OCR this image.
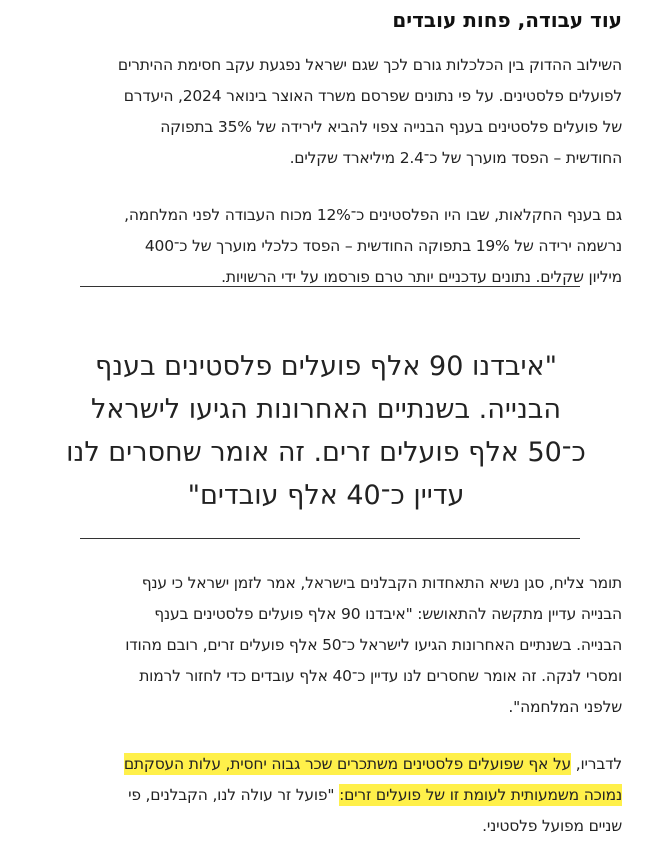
עוד עבודה, פחות עובדים

השילוב ההדוק בין הכלכלות גורם לכך שגם ישראל נפגעת עקב חסימת ההיתרים
לפועלים פלסטינים. על פי נתונים שפרסם משרד האוצר בינואר 2024, היעדרם
של פועלים פלסטינים בענף הבנייה צפוי להביא לירידה של 35% בתפוקה
החודשית – הפסד מוערך של כ־2.4 מיליארד שקלים.

גם בענף החקלאות, שבו היו הפלסטינים כ־12% מכוח העבודה לפני המלחמה,
נרשמה ירידה של 19% בתפוקה החודשית – הפסד כלכלי מוערך של כ־400
מיליון שקלים. נתונים עדכניים יותר טרם פורסמו על ידי הרשויות.

"איבדנו 90 אלף פועלים פלסטינים בענף
הבנייה. בשנתיים האחרונות הגיעו לישראל
כ־50 אלף פועלים זרים. זה אומר שחסרים לנו
עדיין כ־40 אלף עובדים"

תומר צליח, סגן נשיא התאחדות הקבלנים בישראל, אמר לזמן ישראל כי ענף
הבנייה עדיין מתקשה להתאושש: "איבדנו 90 אלף פועלים פלסטינים בענף
הבנייה. בשנתיים האחרונות הגיעו לישראל כ־50 אלף פועלים זרים, רובם מהודו
ומסרי לנקה. זה אומר שחסרים לנו עדיין כ־40 אלף עובדים כדי לחזור לרמות
שלפני המלחמה".

לדבריו, על אף שפועלים פלסטינים משתכרים שכר גבוה יחסית, עלות העסקתם
נמוכה משמעותית לעומת זו של פועלים זרים: "פועל זר עולה לנו, הקבלנים, פי
שניים מפועל פלסטיני.
